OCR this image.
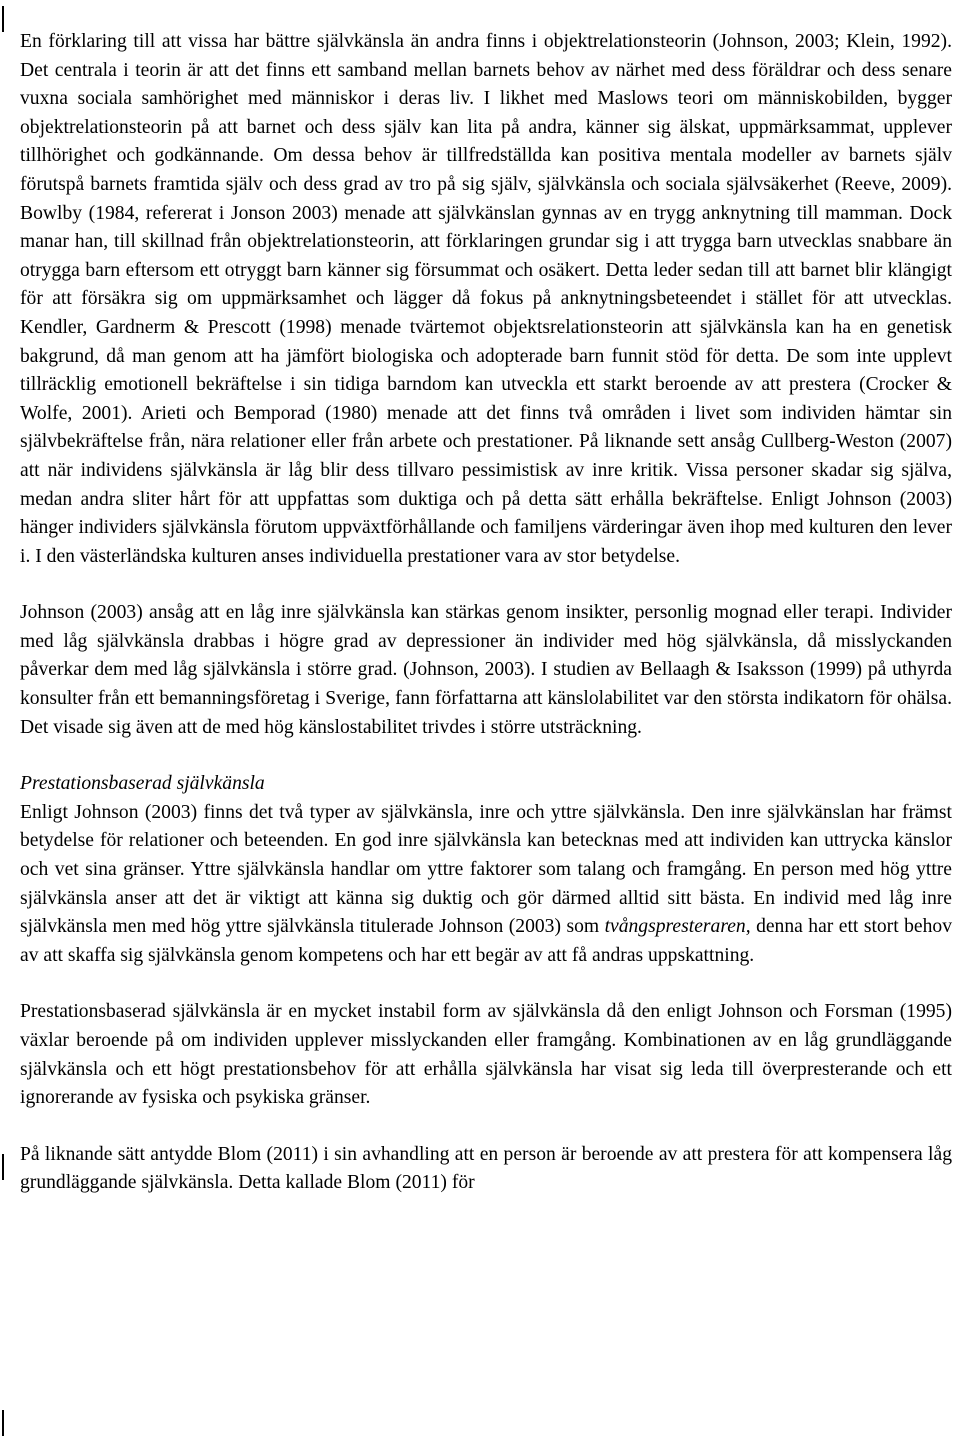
En förklaring till att vissa har bättre självkänsla än andra finns i objektrelationsteorin (Johnson, 2003; Klein, 1992). Det centrala i teorin är att det finns ett samband mellan barnets behov av närhet med dess föräldrar och dess senare vuxna sociala samhörighet med människor i deras liv. I likhet med Maslows teori om människobilden, bygger objektrelationsteorin på att barnet och dess själv kan lita på andra, känner sig älskat, uppmärksammat, upplever tillhörighet och godkännande. Om dessa behov är tillfredställda kan positiva mentala modeller av barnets själv förutspå barnets framtida själv och dess grad av tro på sig själv, självkänsla och sociala självsäkerhet (Reeve, 2009). Bowlby (1984, refererat i Jonson 2003) menade att självkänslan gynnas av en trygg anknytning till mamman. Dock manar han, till skillnad från objektrelationsteorin, att förklaringen grundar sig i att trygga barn utvecklas snabbare än otrygga barn eftersom ett otryggt barn känner sig försummat och osäkert. Detta leder sedan till att barnet blir klängigt för att försäkra sig om uppmärksamhet och lägger då fokus på anknytningsbeteendet i stället för att utvecklas. Kendler, Gardnerm & Prescott (1998) menade tvärtemot objektsrelationsteorin att självkänsla kan ha en genetisk bakgrund, då man genom att ha jämfört biologiska och adopterade barn funnit stöd för detta. De som inte upplevt tillräcklig emotionell bekräftelse i sin tidiga barndom kan utveckla ett starkt beroende av att prestera (Crocker & Wolfe, 2001). Arieti och Bemporad (1980) menade att det finns två områden i livet som individen hämtar sin självbekräftelse från, nära relationer eller från arbete och prestationer. På liknande sett ansåg Cullberg-Weston (2007) att när individens självkänsla är låg blir dess tillvaro pessimistisk av inre kritik. Vissa personer skadar sig själva, medan andra sliter hårt för att uppfattas som duktiga och på detta sätt erhålla bekräftelse. Enligt Johnson (2003) hänger individers självkänsla förutom uppväxtförhållande och familjens värderingar även ihop med kulturen den lever i. I den västerländska kulturen anses individuella prestationer vara av stor betydelse.

Johnson (2003) ansåg att en låg inre självkänsla kan stärkas genom insikter, personlig mognad eller terapi. Individer med låg självkänsla drabbas i högre grad av depressioner än individer med hög självkänsla, då misslyckanden påverkar dem med låg självkänsla i större grad. (Johnson, 2003). I studien av Bellaagh & Isaksson (1999) på uthyrda konsulter från ett bemanningsföretag i Sverige, fann författarna att känslolabilitet var den största indikatorn för ohälsa. Det visade sig även att de med hög känslostabilitet trivdes i större utsträckning.

Prestationsbaserad självkänsla

Enligt Johnson (2003) finns det två typer av självkänsla, inre och yttre självkänsla. Den inre självkänslan har främst betydelse för relationer och beteenden. En god inre självkänsla kan betecknas med att individen kan uttrycka känslor och vet sina gränser. Yttre självkänsla handlar om yttre faktorer som talang och framgång. En person med hög yttre självkänsla anser att det är viktigt att känna sig duktig och gör därmed alltid sitt bästa. En individ med låg inre självkänsla men med hög yttre självkänsla titulerade Johnson (2003) som tvångspresteraren, denna har ett stort behov av att skaffa sig självkänsla genom kompetens och har ett begär av att få andras uppskattning.

Prestationsbaserad självkänsla är en mycket instabil form av självkänsla då den enligt Johnson och Forsman (1995) växlar beroende på om individen upplever misslyckanden eller framgång. Kombinationen av en låg grundläggande självkänsla och ett högt prestationsbehov för att erhålla självkänsla har visat sig leda till överpresterande och ett ignorerande av fysiska och psykiska gränser.

På liknande sätt antydde Blom (2011) i sin avhandling att en person är beroende av att prestera för att kompensera låg grundläggande självkänsla. Detta kallade Blom (2011) för
